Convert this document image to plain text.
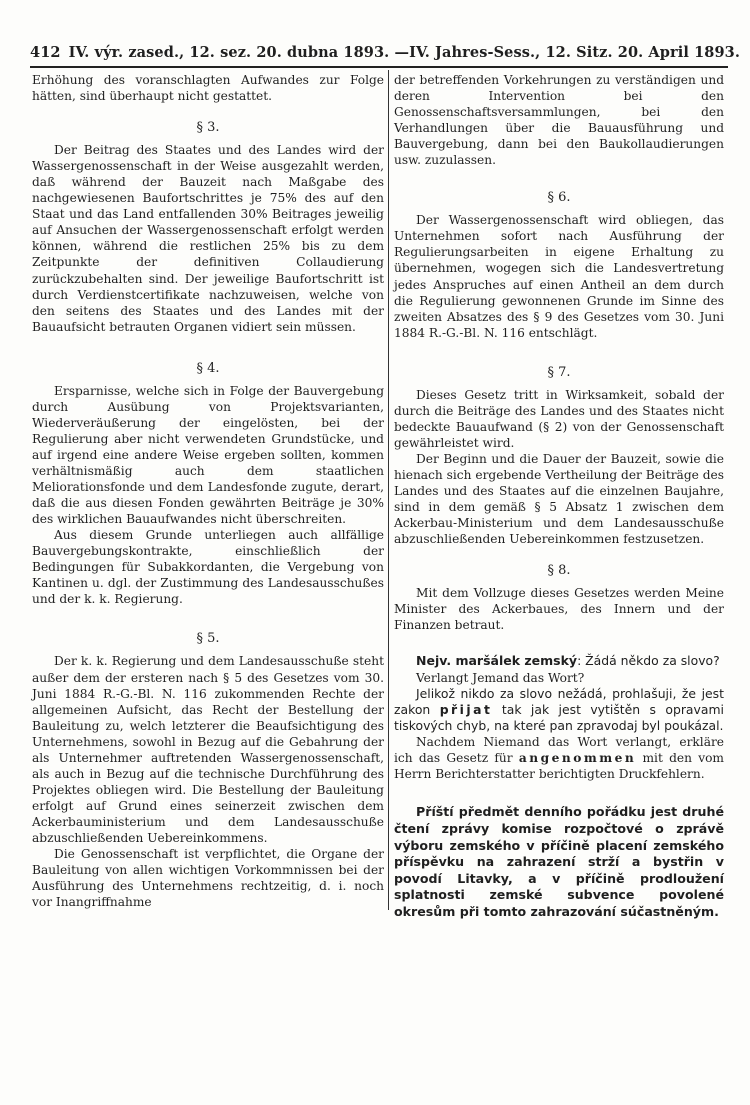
412 IV. výr. zased., 12. sez. 20. dubna 1893. — IV. Jahres-Sess., 12. Sitz. 20. April 1893.

Erhöhung des voranschlagten Aufwandes zur Folge hätten, sind überhaupt nicht gestattet.

§ 3.

Der Beitrag des Staates und des Landes wird der Wassergenossenschaft in der Weise ausgezahlt werden, daß während der Bauzeit nach Maßgabe des nachgewiesenen Baufortschrittes je 75% des auf den Staat und das Land entfallenden 30% Beitrages jeweilig auf Ansuchen der Wassergenossenschaft erfolgt werden können, während die restlichen 25% bis zu dem Zeitpunkte der definitiven Collaudierung zurückzubehalten sind. Der jeweilige Baufortschritt ist durch Verdienstcertifikate nachzuweisen, welche von den seitens des Staates und des Landes mit der Bauaufsicht betrauten Organen vidiert sein müssen.

§ 4.

Ersparnisse, welche sich in Folge der Bauvergebung durch Ausübung von Projektsvarianten, Wiederveräußerung der eingelösten, bei der Regulierung aber nicht verwendeten Grundstücke, und auf irgend eine andere Weise ergeben sollten, kommen verhältnismäßig auch dem staatlichen Meliorationsfonde und dem Landesfonde zugute, derart, daß die aus diesen Fonden gewährten Beiträge je 30% des wirklichen Bauaufwandes nicht überschreiten.

Aus diesem Grunde unterliegen auch allfällige Bauvergebungskontrakte, einschließlich der Bedingungen für Subakkordanten, die Vergebung von Kantinen u. dgl. der Zustimmung des Landesausschußes und der k. k. Regierung.

§ 5.

Der k. k. Regierung und dem Landesausschuße steht außer dem der ersteren nach § 5 des Gesetzes vom 30. Juni 1884 R.-G.-Bl. N. 116 zukommenden Rechte der allgemeinen Aufsicht, das Recht der Bestellung der Bauleitung zu, welch letzterer die Beaufsichtigung des Unternehmens, sowohl in Bezug auf die Gebahrung der als Unternehmer auftretenden Wassergenossenschaft, als auch in Bezug auf die technische Durchführung des Projektes obliegen wird. Die Bestellung der Bauleitung erfolgt auf Grund eines seinerzeit zwischen dem Ackerbauministerium und dem Landesausschuße abzuschließenden Uebereinkommens.

Die Genossenschaft ist verpflichtet, die Organe der Bauleitung von allen wichtigen Vorkommnissen bei der Ausführung des Unternehmens rechtzeitig, d. i. noch vor Inangriffnahme

der betreffenden Vorkehrungen zu verständigen und deren Intervention bei den Genossenschaftsversammlungen, bei den Verhandlungen über die Bauausführung und Bauvergebung, dann bei den Baukollaudierungen usw. zuzulassen.

§ 6.

Der Wassergenossenschaft wird obliegen, das Unternehmen sofort nach Ausführung der Regulierungsarbeiten in eigene Erhaltung zu übernehmen, wogegen sich die Landesvertretung jedes Anspruches auf einen Antheil an dem durch die Regulierung gewonnenen Grunde im Sinne des zweiten Absatzes des § 9 des Gesetzes vom 30. Juni 1884 R.-G.-Bl. N. 116 entschlägt.

§ 7.

Dieses Gesetz tritt in Wirksamkeit, sobald der durch die Beiträge des Landes und des Staates nicht bedeckte Bauaufwand (§ 2) von der Genossenschaft gewährleistet wird.

Der Beginn und die Dauer der Bauzeit, sowie die hienach sich ergebende Vertheilung der Beiträge des Landes und des Staates auf die einzelnen Baujahre, sind in dem gemäß § 5 Absatz 1 zwischen dem Ackerbau-Ministerium und dem Landesausschuße abzuschließenden Uebereinkommen festzusetzen.

§ 8.

Mit dem Vollzuge dieses Gesetzes werden Meine Minister des Ackerbaues, des Innern und der Finanzen betraut.

Nejv. maršálek zemský: Žádá někdo za slovo?

Verlangt Jemand das Wort?

Jelikož nikdo za slovo nežádá, prohlašuji, že jest zakon přijat tak jak jest vytištěn s opravami tiskových chyb, na které pan zpravodaj byl poukázal.

Nachdem Niemand das Wort verlangt, erkläre ich das Gesetz für angenommen mit den vom Herrn Berichterstatter berichtigten Druckfehlern.

Příští předmět denního pořádku jest druhé čtení zprávy komise rozpočtové o zprávě výboru zemského v příčině placení zemského příspěvku na zahrazení strží a bystřin v povodí Litavky, a v příčině prodloužení splatnosti zemské subvence povolené okresům při tomto zahrazování súčastněným.
